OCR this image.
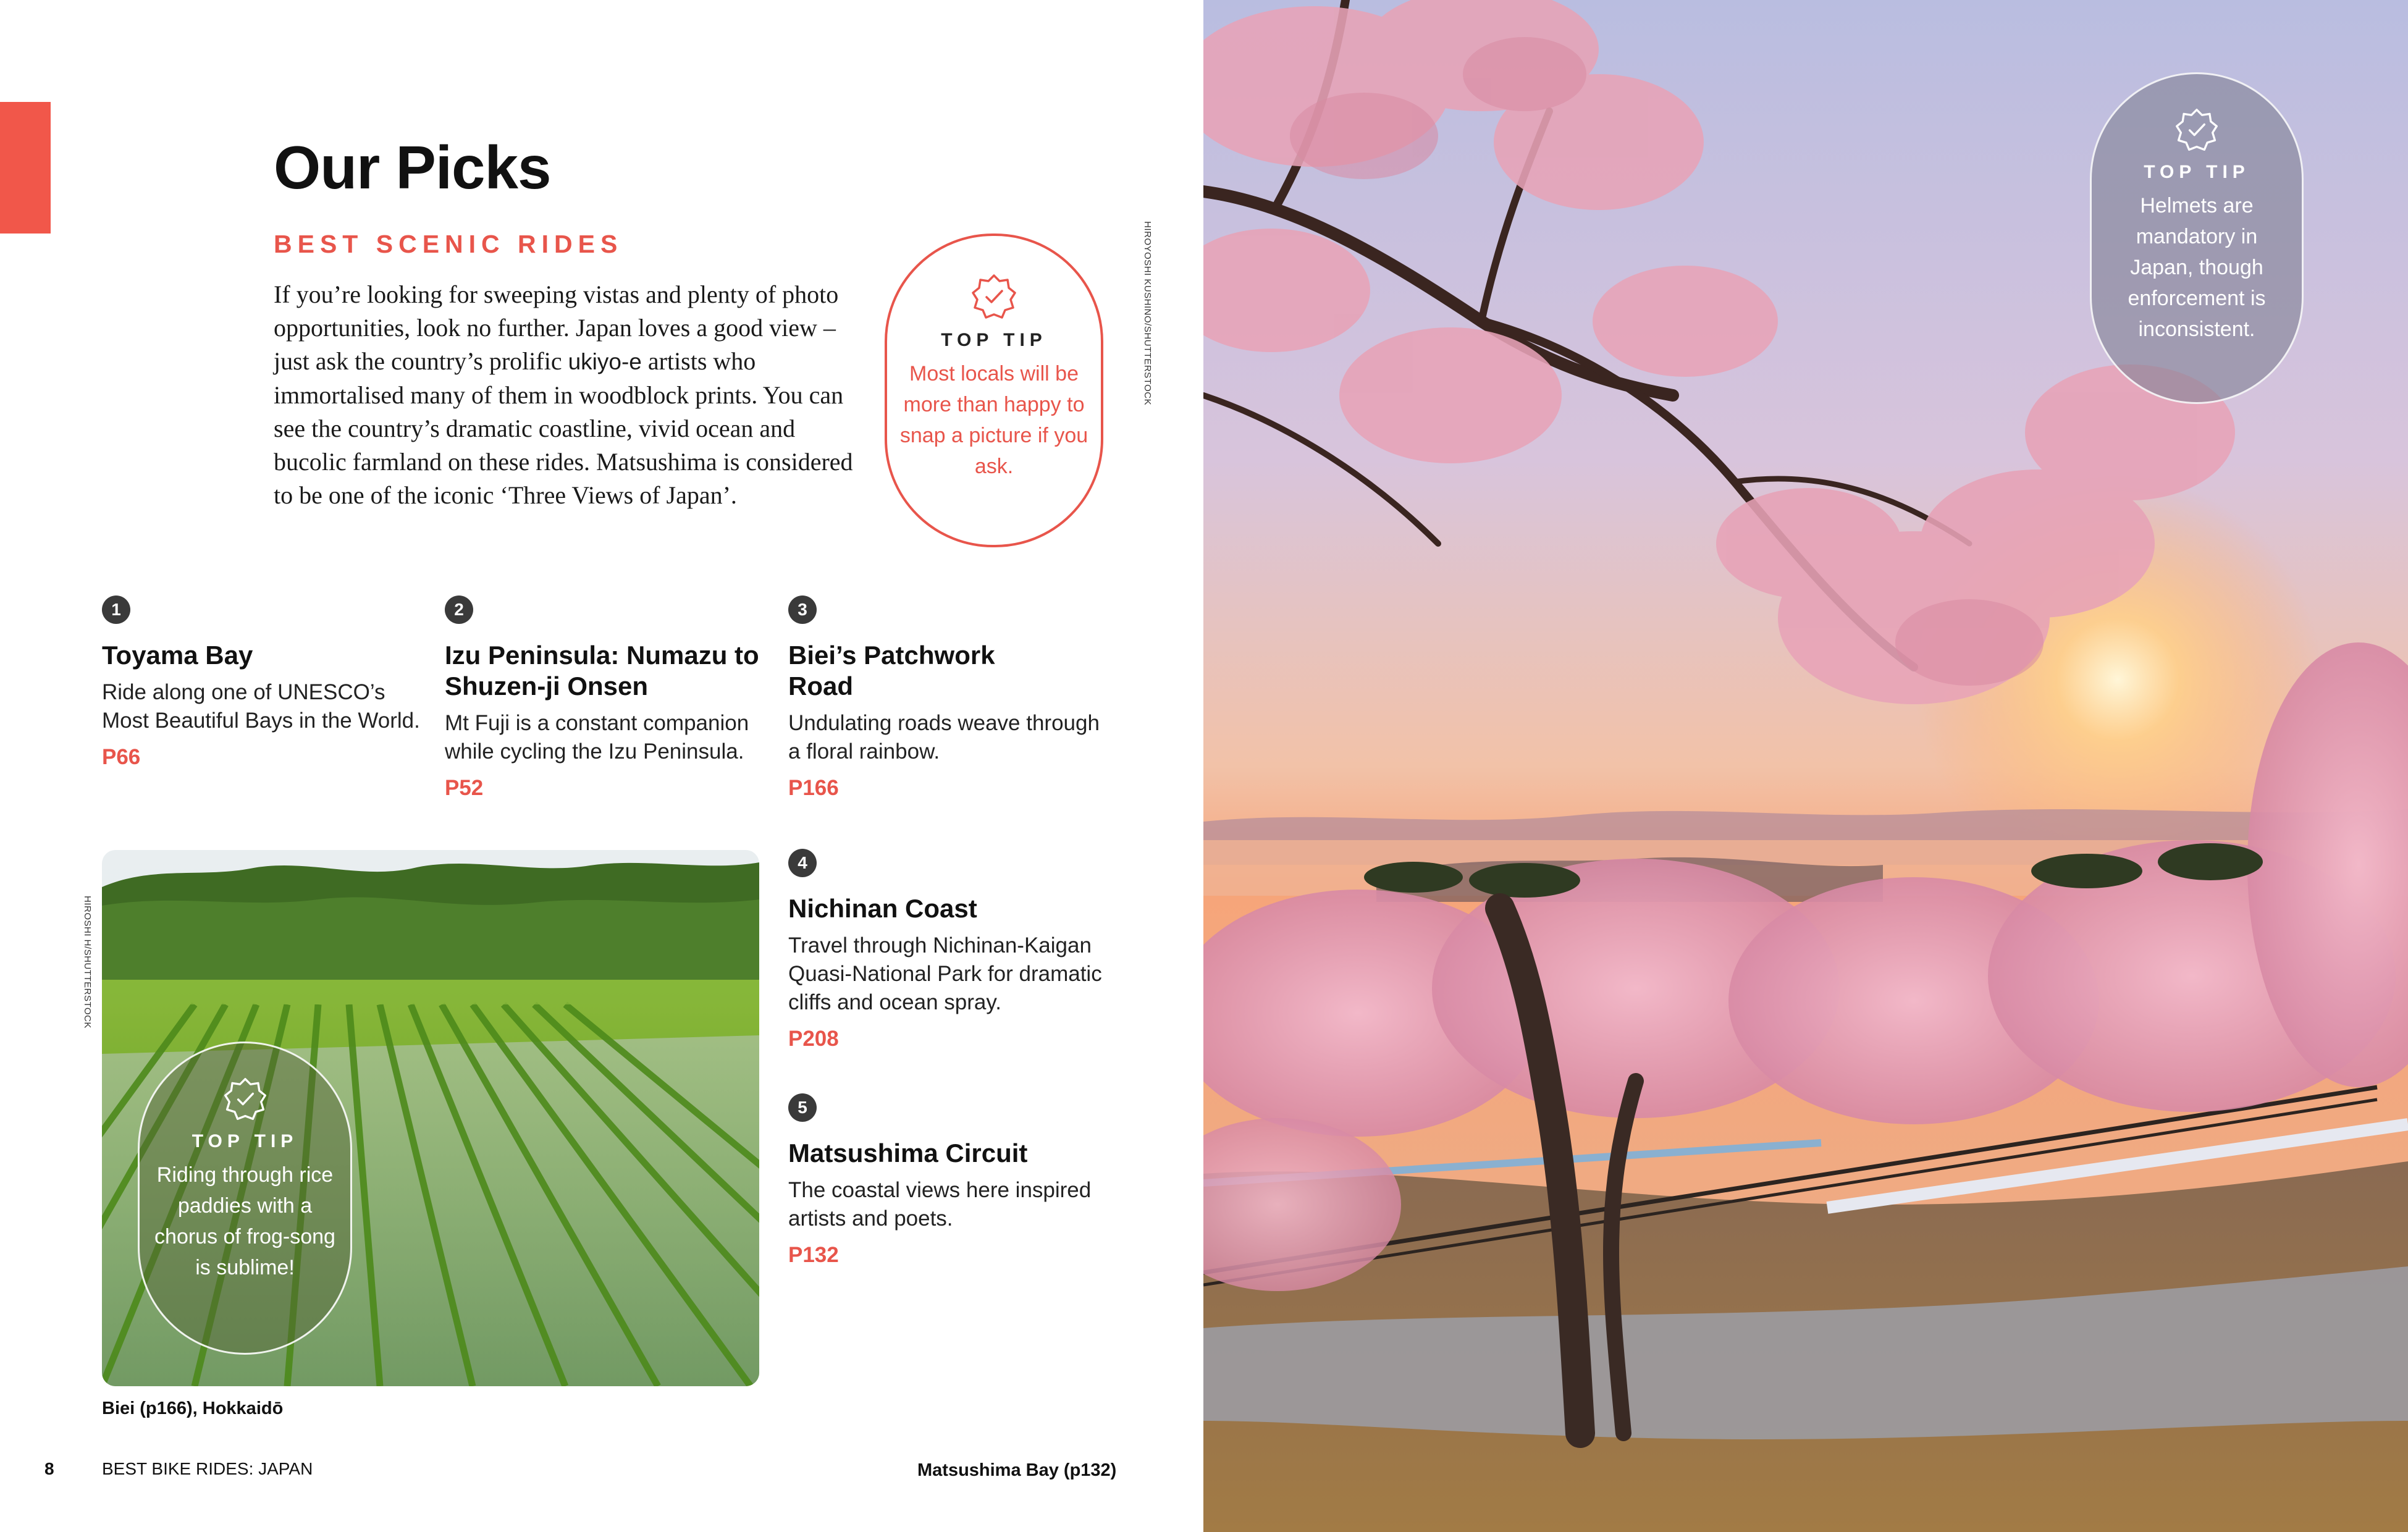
Our Picks
BEST SCENIC RIDES
If you’re looking for sweeping vistas and plenty of photo opportunities, look no further. Japan loves a good view – just ask the country’s prolific ukiyo-e artists who immortalised many of them in woodblock prints. You can see the country’s dramatic coastline, vivid ocean and bucolic farmland on these rides. Matsushima is considered to be one of the iconic ‘Three Views of Japan’.
HIROYOSHI KUSHINO/SHUTTERSTOCK
TOP TIP
Most locals will be more than happy to snap a picture if you ask.
1
Toyama Bay
Ride along one of UNESCO’s Most Beautiful Bays in the World.
P66
2
Izu Peninsula: Numazu to Shuzen-ji Onsen
Mt Fuji is a constant companion while cycling the Izu Peninsula.
P52
3
Biei’s Patchwork Road
Undulating roads weave through a floral rainbow.
P166
4
Nichinan Coast
Travel through Nichinan-Kaigan Quasi-National Park for dramatic cliffs and ocean spray.
P208
5
Matsushima Circuit
The coastal views here inspired artists and poets.
P132
HIROSHI H/SHUTTERSTOCK
TOP TIP
Riding through rice paddies with a chorus of frog-song is sublime!
Biei (p166), Hokkaidō
8	BEST BIKE RIDES: JAPAN	Matsushima Bay (p132)
TOP TIP
Helmets are mandatory in Japan, though enforcement is inconsistent.
